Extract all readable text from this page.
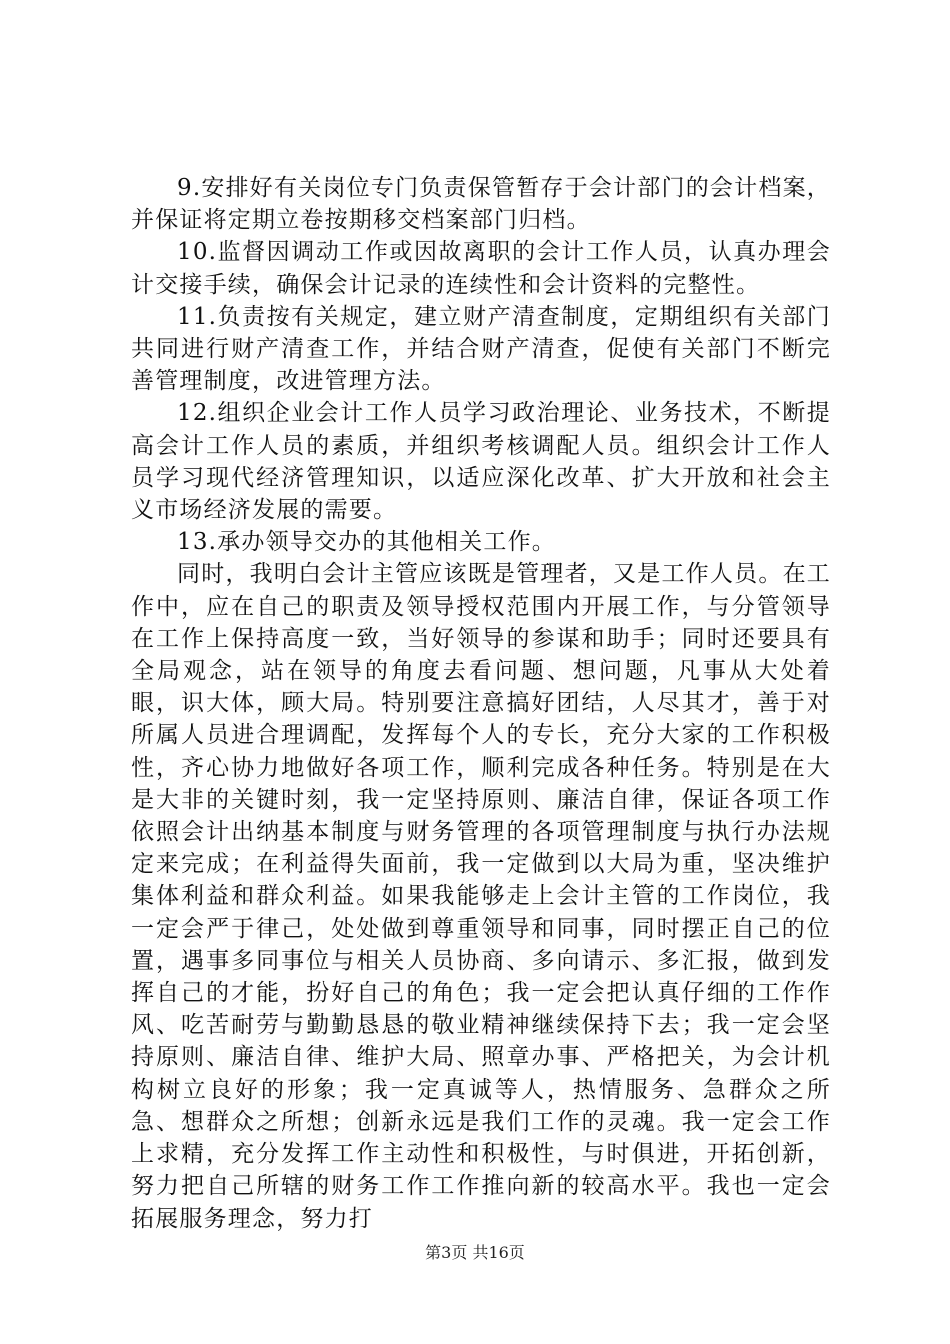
9.安排好有关岗位专门负责保管暂存于会计部门的会计档案，并保证将定期立卷按期移交档案部门归档。

10.监督因调动工作或因故离职的会计工作人员，认真办理会计交接手续，确保会计记录的连续性和会计资料的完整性。

11.负责按有关规定，建立财产清查制度，定期组织有关部门共同进行财产清查工作，并结合财产清查，促使有关部门不断完善管理制度，改进管理方法。

12.组织企业会计工作人员学习政治理论、业务技术，不断提高会计工作人员的素质，并组织考核调配人员。组织会计工作人员学习现代经济管理知识，以适应深化改革、扩大开放和社会主义市场经济发展的需要。

13.承办领导交办的其他相关工作。

同时，我明白会计主管应该既是管理者，又是工作人员。在工作中，应在自己的职责及领导授权范围内开展工作，与分管领导在工作上保持高度一致，当好领导的参谋和助手；同时还要具有全局观念，站在领导的角度去看问题、想问题，凡事从大处着眼，识大体，顾大局。特别要注意搞好团结，人尽其才，善于对所属人员进合理调配，发挥每个人的专长，充分大家的工作积极性，齐心协力地做好各项工作，顺利完成各种任务。特别是在大是大非的关键时刻，我一定坚持原则、廉洁自律，保证各项工作依照会计出纳基本制度与财务管理的各项管理制度与执行办法规定来完成；在利益得失面前，我一定做到以大局为重，坚决维护集体利益和群众利益。如果我能够走上会计主管的工作岗位，我一定会严于律己，处处做到尊重领导和同事，同时摆正自己的位置，遇事多同事位与相关人员协商、多向请示、多汇报，做到发挥自己的才能，扮好自己的角色；我一定会把认真仔细的工作作风、吃苦耐劳与勤勤恳恳的敬业精神继续保持下去；我一定会坚持原则、廉洁自律、维护大局、照章办事、严格把关，为会计机构树立良好的形象；我一定真诚等人，热情服务、急群众之所急、想群众之所想；创新永远是我们工作的灵魂。我一定会工作上求精，充分发挥工作主动性和积极性，与时俱进，开拓创新，努力把自己所辖的财务工作工作推向新的较高水平。我也一定会拓展服务理念，努力打

第3页 共16页
